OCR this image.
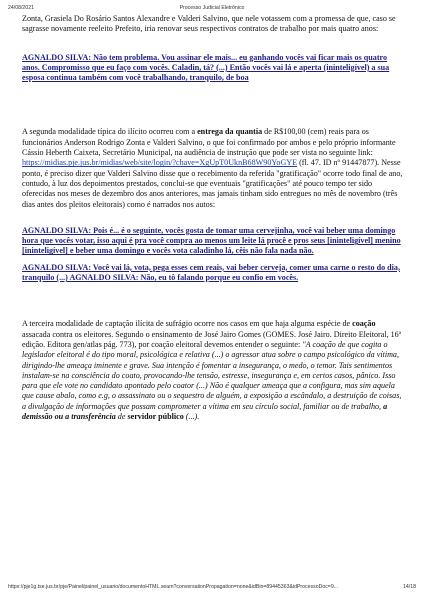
24/08/2021	Processo Judicial Eletrônico

Zonta, Grasiela Do Rosário Santos Alexandre e Valderi Salvino, que nele votassem com a promessa de que, caso se sagrasse novamente reeleito Prefeito, iria renovar seus respectivos contratos de trabalho por mais quatro anos:

AGNALDO SILVA: Não tem problema. Vou assinar ele mais... eu ganhando vocês vai ficar mais os quatro anos. Compromisso que eu faço com vocês. Caladin, tá? (...) Então vocês vai lá e aperta (ininteligível) a sua esposa continua também com você trabalhando, tranquilo, de boa

A segunda modalidade típica do ilícito ocorreu com a entrega da quantia de R$100,00 (cem) reais para os funcionários Anderson Rodrigo Zonta e Valderi Salvino, o que foi confirmado por ambos e pelo próprio informante Cássio Heberth Caixeta, Secretário Municipal, na audiência de instrução que pode ser vista no seguinte link: https://midias.pje.jus.br/midias/web/site/login/?chave=XgUpT0UknB68W90YoGYE (fl. 47. ID nº 91447877). Nesse ponto, é preciso dizer que Valderi Salvino disse que o recebimento da referida "gratificação" ocorre todo final de ano, contudo, à luz dos depoimentos prestados, conclui-se que eventuais "gratificações" até pouco tempo ter sido oferecidas nos meses de dezembro dos anos anteriores, mas jamais tinham sido entregues no mês de novembro (três dias antes dos pleitos eleitorais) como é narrados nos autos:

AGNALDO SILVA: Pois é... é o seguinte, vocês gosta de tomar uma cervejinha, você vai beber uma domingo hora que vocês votar, isso aqui é pra você compra ao menos um leite lá procê e pros seus [ininteligível] menino [ininteligível] e beber uma domingo e vocês vota caladinho lá, cêis não fala nada não.

AGNALDO SILVA: Você vai lá, vota, pega esses cem reais, vai beber cerveja, comer uma carne o resto do dia, tranquilo (...) AGNALDO SILVA: Não, eu tô falando porque eu confio em vocês.

A terceira modalidade de captação ilícita de sufrágio ocorre nos casos em que haja alguma espécie de coação assacada contra os eleitores. Segundo o ensinamento de José Jairo Gomes (GOMES. José Jairo. Direito Eleitoral, 16ª edição. Editora gen/atlas pág. 773), por coação eleitoral devemos entender o seguinte: "A coação de que cogita o legislador eleitoral é do tipo moral, psicológica e relativa (...) o agressor atua sobre o campo psicológico da vítima, dirigindo-lhe ameaça iminente e grave. Sua intenção é fomentar a insegurança, o medo, o temor. Tais sentimentos instalam-se na consciência do coato, provocando-lhe tensão, estresse, insegurança e, em certos casos, pânico. Isso para que ele vote no candidato apontado pelo coator (...) Não é qualquer ameaça que a configura, mas sim aquela que cause abalo, como e.g, o assassinato ou o sequestro de alguém, a exposição a escândalo, a destruição de coisas, a divulgação de informações que possam comprometer a vítima em seu círculo social, familiar ou de trabalho, a demissão ou a transferência de servidor público (...).

https://pje1g.tse.jus.br/pje/Painel/painel_usuario/documentoHTML.seam?conversationPropagation=none&idBin=89445363&idProcessoDoc=9...	14/18
